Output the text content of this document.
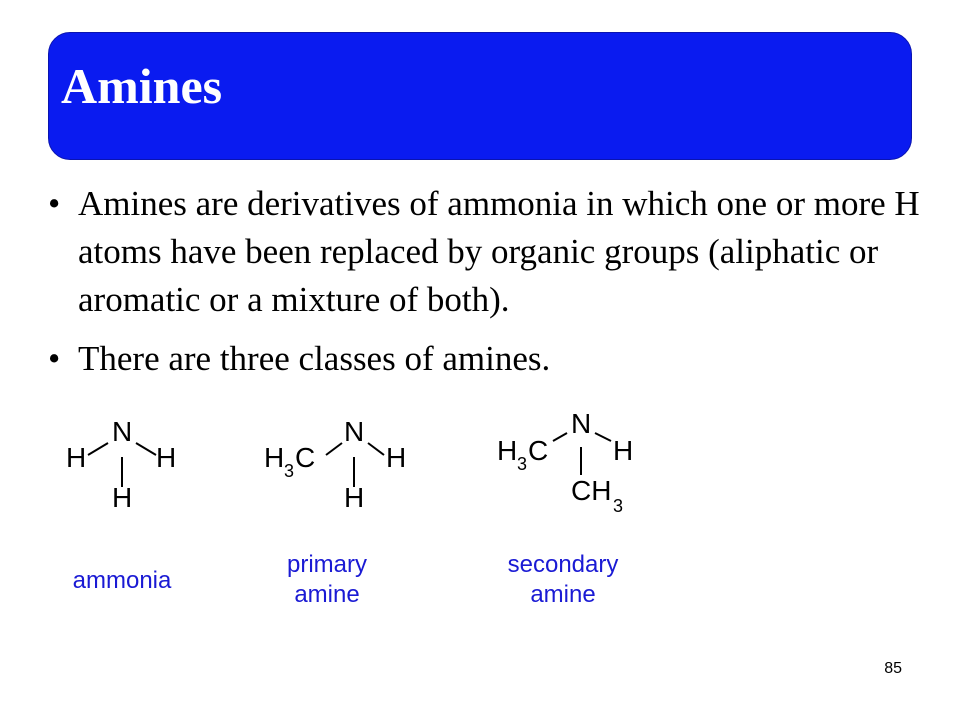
Amines
• Amines are derivatives of ammonia in which one or more H atoms have been replaced by organic groups (aliphatic or aromatic or a mixture of both).
• There are three classes of amines.
N
H H
H
ammonia
N
H 3 C	H
H
primary
amine
N
H 3 C H
CH 3
secondary
amine
85
